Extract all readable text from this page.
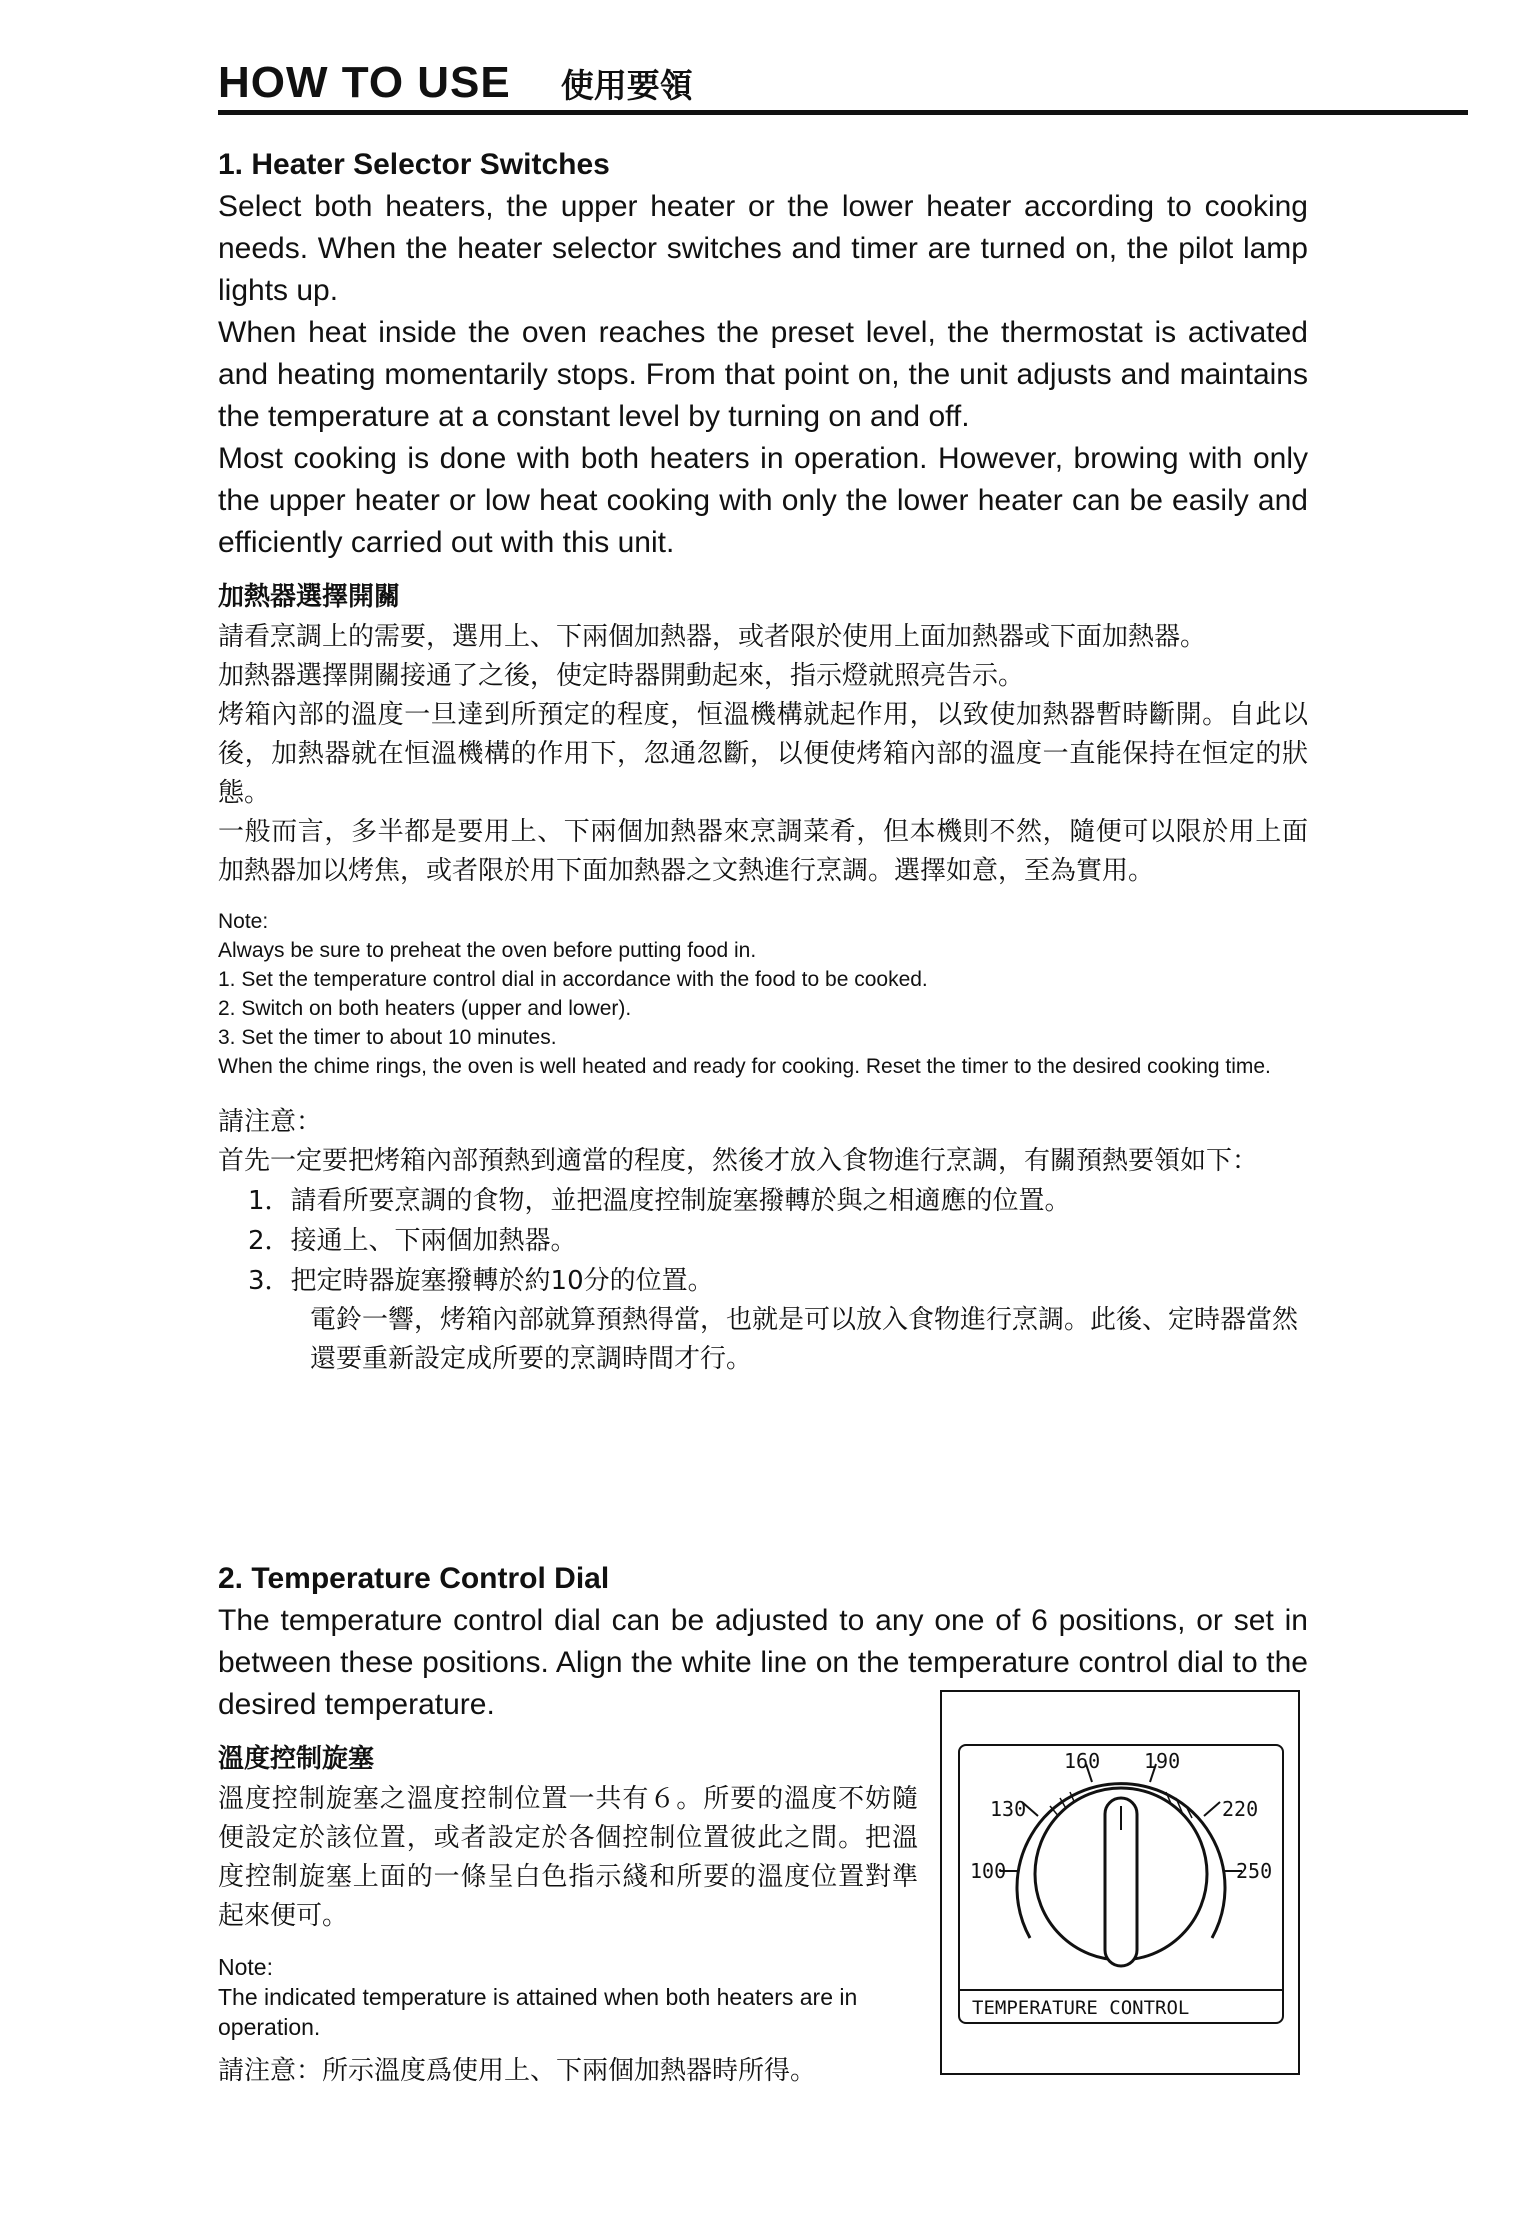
HOW TO USE 使用要領
1. Heater Selector Switches

Select both heaters, the upper heater or the lower heater according to cooking needs. When the heater selector switches and timer are turned on, the pilot lamp lights up.

When heat inside the oven reaches the preset level, the thermostat is activated and heating momentarily stops. From that point on, the unit adjusts and maintains the temperature at a constant level by turning on and off.

Most cooking is done with both heaters in operation. However, browing with only the upper heater or low heat cooking with only the lower heater can be easily and efficiently carried out with this unit.

加熱器選擇開關

請看烹調上的需要，選用上、下兩個加熱器，或者限於使用上面加熱器或下面加熱器。

加熱器選擇開關接通了之後，使定時器開動起來，指示燈就照亮告示。

烤箱內部的溫度一旦達到所預定的程度，恒溫機構就起作用，以致使加熱器暫時斷開。自此以後，加熱器就在恒溫機構的作用下，忽通忽斷，以便使烤箱內部的溫度一直能保持在恒定的狀態。

一般而言，多半都是要用上、下兩個加熱器來烹調菜肴，但本機則不然，隨便可以限於用上面加熱器加以烤焦，或者限於用下面加熱器之文熱進行烹調。選擇如意，至為實用。

Note:

Always be sure to preheat the oven before putting food in.

1. Set the temperature control dial in accordance with the food to be cooked.

2. Switch on both heaters (upper and lower).

3. Set the timer to about 10 minutes.

When the chime rings, the oven is well heated and ready for cooking. Reset the timer to the desired cooking time.

請注意：

首先一定要把烤箱內部預熱到適當的程度，然後才放入食物進行烹調，有關預熱要領如下：

1．請看所要烹調的食物，並把溫度控制旋塞撥轉於與之相適應的位置。
2．接通上、下兩個加熱器。
3．把定時器旋塞撥轉於約10分的位置。
電鈴一響，烤箱內部就算預熱得當，也就是可以放入食物進行烹調。此後、定時器當然還要重新設定成所要的烹調時間才行。
2. Temperature Control Dial

The temperature control dial can be adjusted to any one of 6 positions, or set in between these positions. Align the white line on the temperature control dial to the desired temperature.

溫度控制旋塞

溫度控制旋塞之溫度控制位置一共有６。所要的溫度不妨隨便設定於該位置，或者設定於各個控制位置彼此之間。把溫度控制旋塞上面的一條呈白色指示綫和所要的溫度位置對準起來便可。

Note:

The indicated temperature is attained when both heaters are in operation.

請注意：所示溫度爲使用上、下兩個加熱器時所得。

100
130
160 190
220
250
TEMPERATURE CONTROL
